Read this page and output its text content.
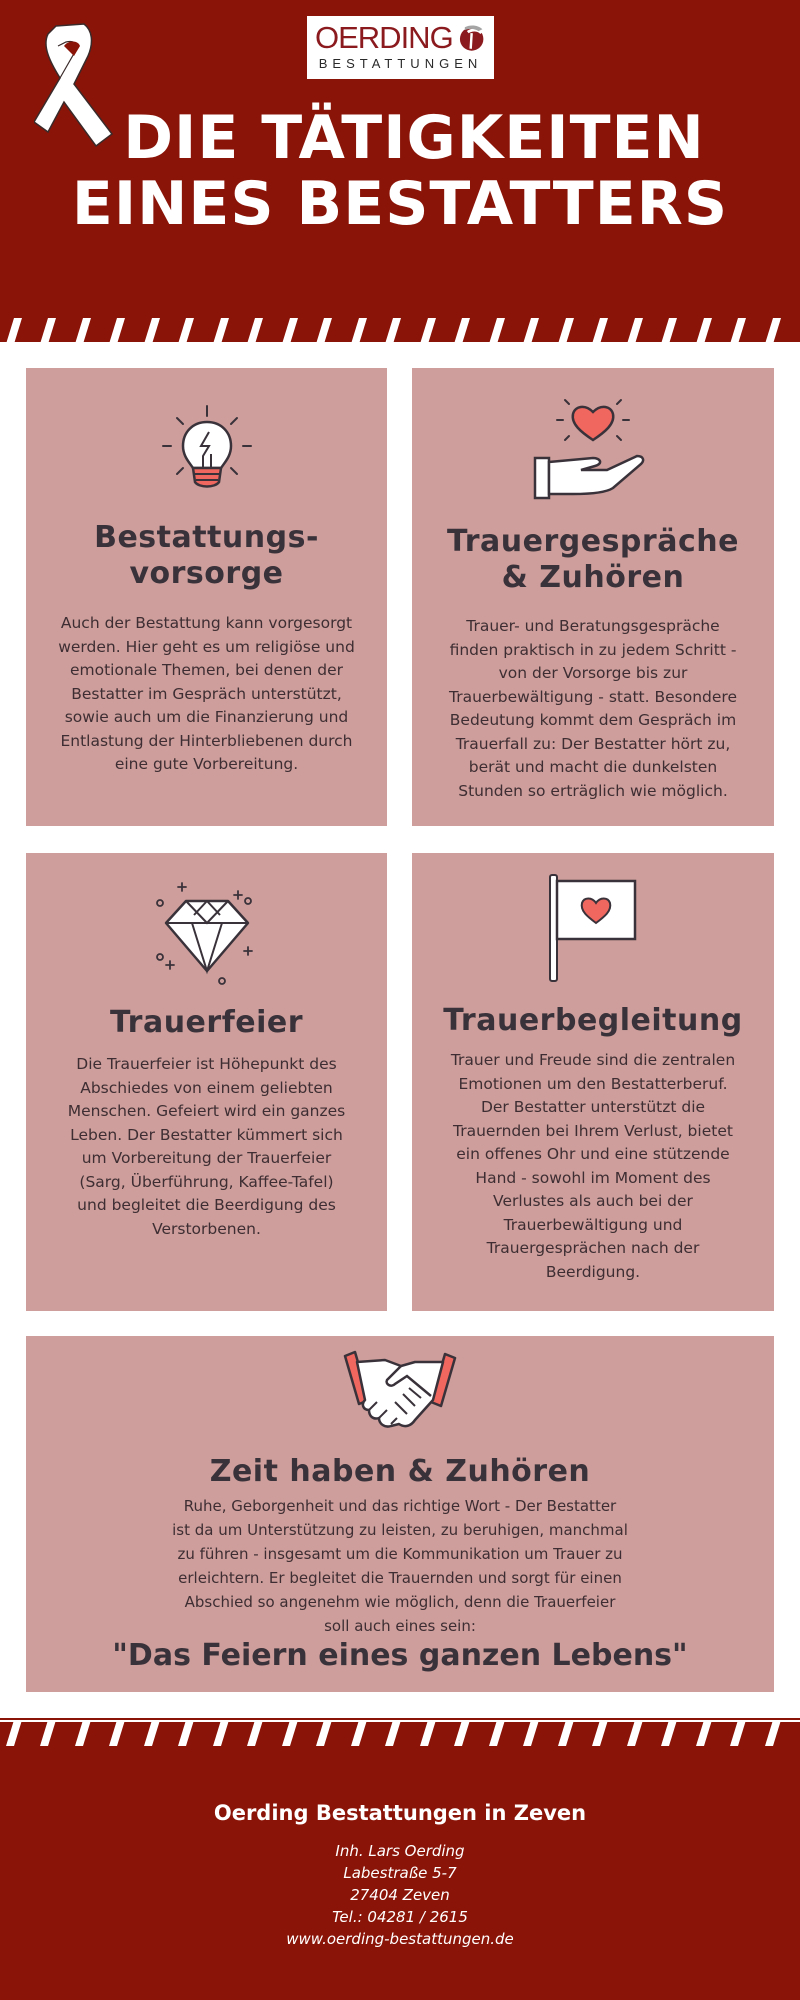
OERDING
BESTATTUNGEN
DIE TÄTIGKEITEN
EINES BESTATTERS
Bestattungs-
vorsorge

Auch der Bestattung kann vorgesorgt
werden. Hier geht es um religiöse und
emotionale Themen, bei denen der
Bestatter im Gespräch unterstützt,
sowie auch um die Finanzierung und
Entlastung der Hinterbliebenen durch
eine gute Vorbereitung.

Trauergespräche
& Zuhören

Trauer- und Beratungsgespräche
finden praktisch in zu jedem Schritt -
von der Vorsorge bis zur
Trauerbewältigung - statt. Besondere
Bedeutung kommt dem Gespräch im
Trauerfall zu: Der Bestatter hört zu,
berät und macht die dunkelsten
Stunden so erträglich wie möglich.

Trauerfeier

Die Trauerfeier ist Höhepunkt des
Abschiedes von einem geliebten
Menschen. Gefeiert wird ein ganzes
Leben. Der Bestatter kümmert sich
um Vorbereitung der Trauerfeier
(Sarg, Überführung, Kaffee-Tafel)
und begleitet die Beerdigung des
Verstorbenen.

Trauerbegleitung

Trauer und Freude sind die zentralen
Emotionen um den Bestatterberuf.
Der Bestatter unterstützt die
Trauernden bei Ihrem Verlust, bietet
ein offenes Ohr und eine stützende
Hand - sowohl im Moment des
Verlustes als auch bei der
Trauerbewältigung und
Trauergesprächen nach der
Beerdigung.

Zeit haben & Zuhören

Ruhe, Geborgenheit und das richtige Wort - Der Bestatter
ist da um Unterstützung zu leisten, zu beruhigen, manchmal
zu führen - insgesamt um die Kommunikation um Trauer zu
erleichtern. Er begleitet die Trauernden und sorgt für einen
Abschied so angenehm wie möglich, denn die Trauerfeier
soll auch eines sein:

"Das Feiern eines ganzen Lebens"
Oerding Bestattungen in Zeven
Inh. Lars Oerding
Labestraße 5-7
27404 Zeven
Tel.: 04281 / 2615
www.oerding-bestattungen.de
